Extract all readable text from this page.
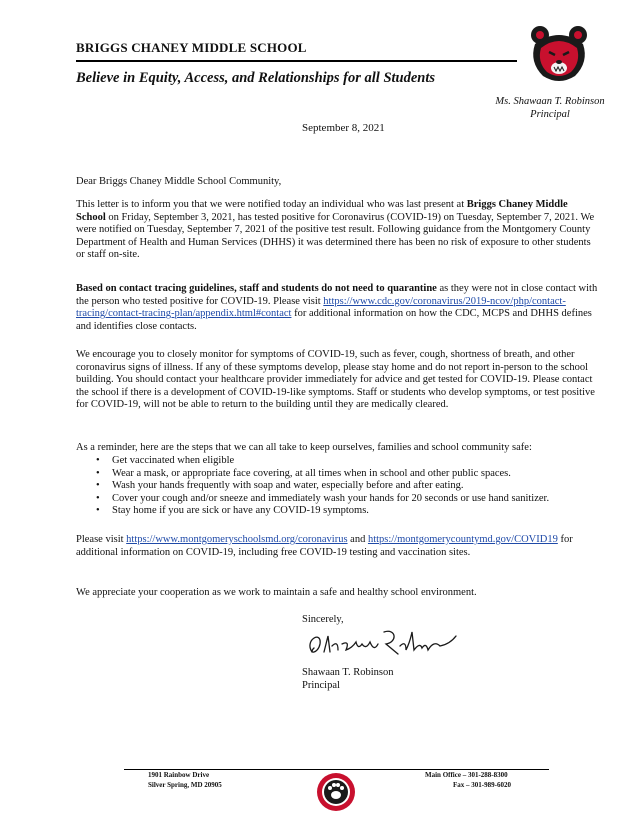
BRIGGS CHANEY MIDDLE SCHOOL
Believe in Equity, Access, and Relationships for all Students
Ms. Shawaan T. Robinson
Principal
September 8, 2021
Dear Briggs Chaney Middle School Community,

This letter is to inform you that we were notified today an individual who was last present at Briggs Chaney Middle School on Friday, September 3, 2021, has tested positive for Coronavirus (COVID-19) on Tuesday, September 7, 2021. We were notified on Tuesday, September 7, 2021 of the positive test result. Following guidance from the Montgomery County Department of Health and Human Services (DHHS) it was determined there has been no risk of exposure to other students or staff on-site.

Based on contact tracing guidelines, staff and students do not need to quarantine as they were not in close contact with the person who tested positive for COVID-19. Please visit https://www.cdc.gov/coronavirus/2019-ncov/php/contact-tracing/contact-tracing-plan/appendix.html#contact for additional information on how the CDC, MCPS and DHHS defines and identifies close contacts.

We encourage you to closely monitor for symptoms of COVID-19, such as fever, cough, shortness of breath, and other coronavirus signs of illness. If any of these symptoms develop, please stay home and do not report in-person to the school building. You should contact your healthcare provider immediately for advice and get tested for COVID-19. Please contact the school if there is a development of COVID-19-like symptoms. Staff or students who develop symptoms, or test positive for COVID-19, will not be able to return to the building until they are medically cleared.

As a reminder, here are the steps that we can all take to keep ourselves, families and school community safe:
• Get vaccinated when eligible
• Wear a mask, or appropriate face covering, at all times when in school and other public spaces.
• Wash your hands frequently with soap and water, especially before and after eating.
• Cover your cough and/or sneeze and immediately wash your hands for 20 seconds or use hand sanitizer.
• Stay home if you are sick or have any COVID-19 symptoms.

Please visit https://www.montgomeryschoolsmd.org/coronavirus and https://montgomerycountymd.gov/COVID19 for additional information on COVID-19, including free COVID-19 testing and vaccination sites.

We appreciate your cooperation as we work to maintain a safe and healthy school environment.
Sincerely,
Shawaan T. Robinson
Principal
1901 Rainbow Drive
Silver Spring, MD 20905
Main Office – 301-288-8300
Fax – 301-989-6020
